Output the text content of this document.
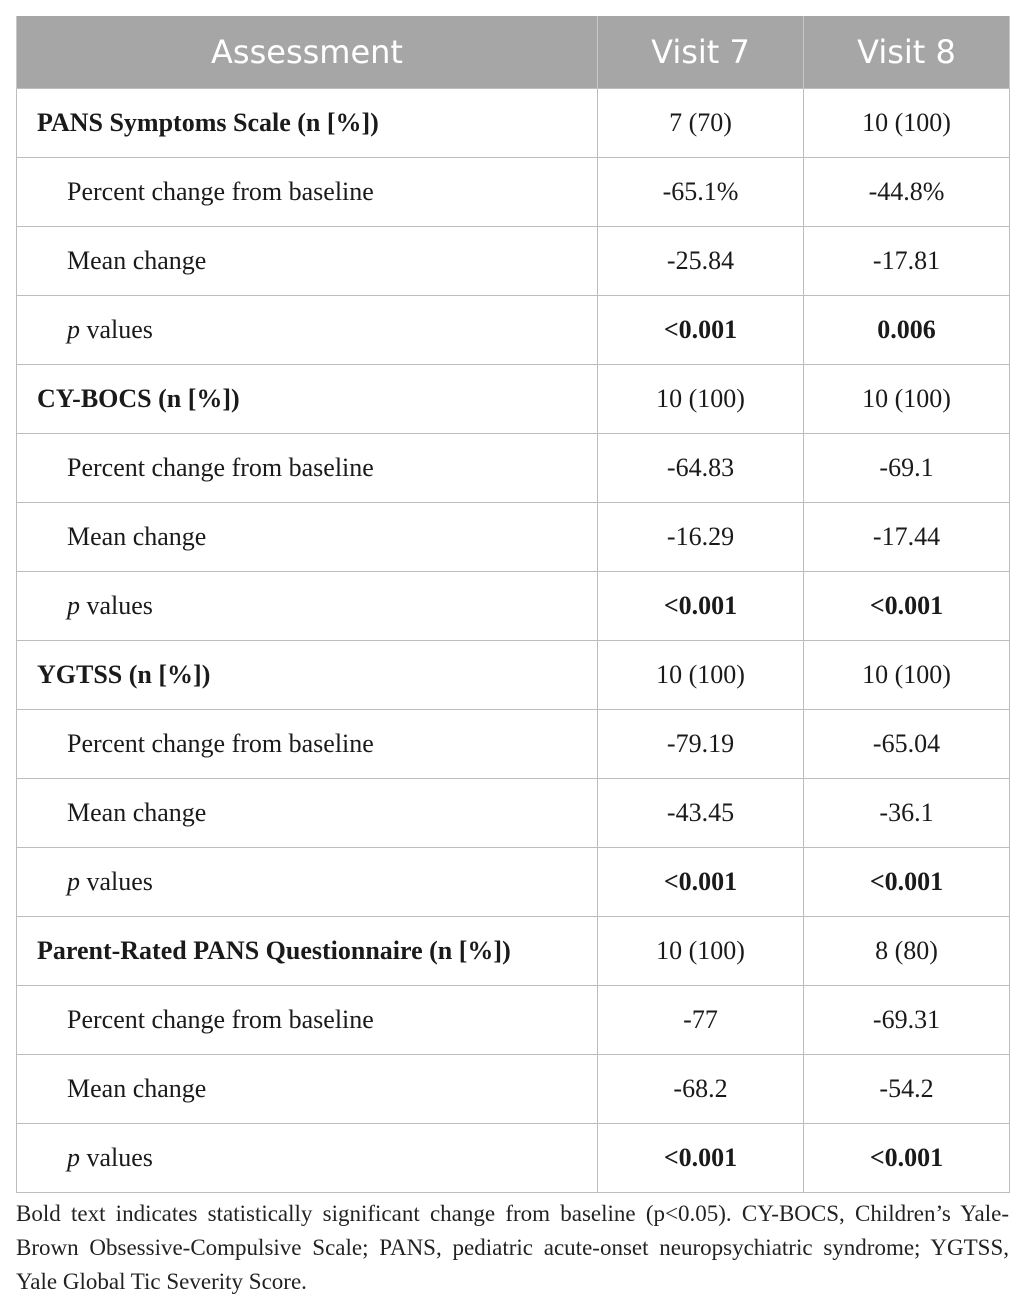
Assessment	Visit 7	Visit 8
PANS Symptoms Scale (n [%])	7 (70)	10 (100)
Percent change from baseline	-65.1%	-44.8%
Mean change	-25.84	-17.81
p values	<0.001	0.006
CY-BOCS (n [%])	10 (100)	10 (100)
Percent change from baseline	-64.83	-69.1
Mean change	-16.29	-17.44
p values	<0.001	<0.001
YGTSS (n [%])	10 (100)	10 (100)
Percent change from baseline	-79.19	-65.04
Mean change	-43.45	-36.1
p values	<0.001	<0.001
Parent-Rated PANS Questionnaire (n [%])	10 (100)	8 (80)
Percent change from baseline	-77	-69.31
Mean change	-68.2	-54.2
p values	<0.001	<0.001
Bold text indicates statistically significant change from baseline (p<0.05). CY-BOCS, Children’s Yale-Brown Obsessive-Compulsive Scale; PANS, pediatric acute-onset neuropsychiatric syndrome; YGTSS, Yale Global Tic Severity Score.
